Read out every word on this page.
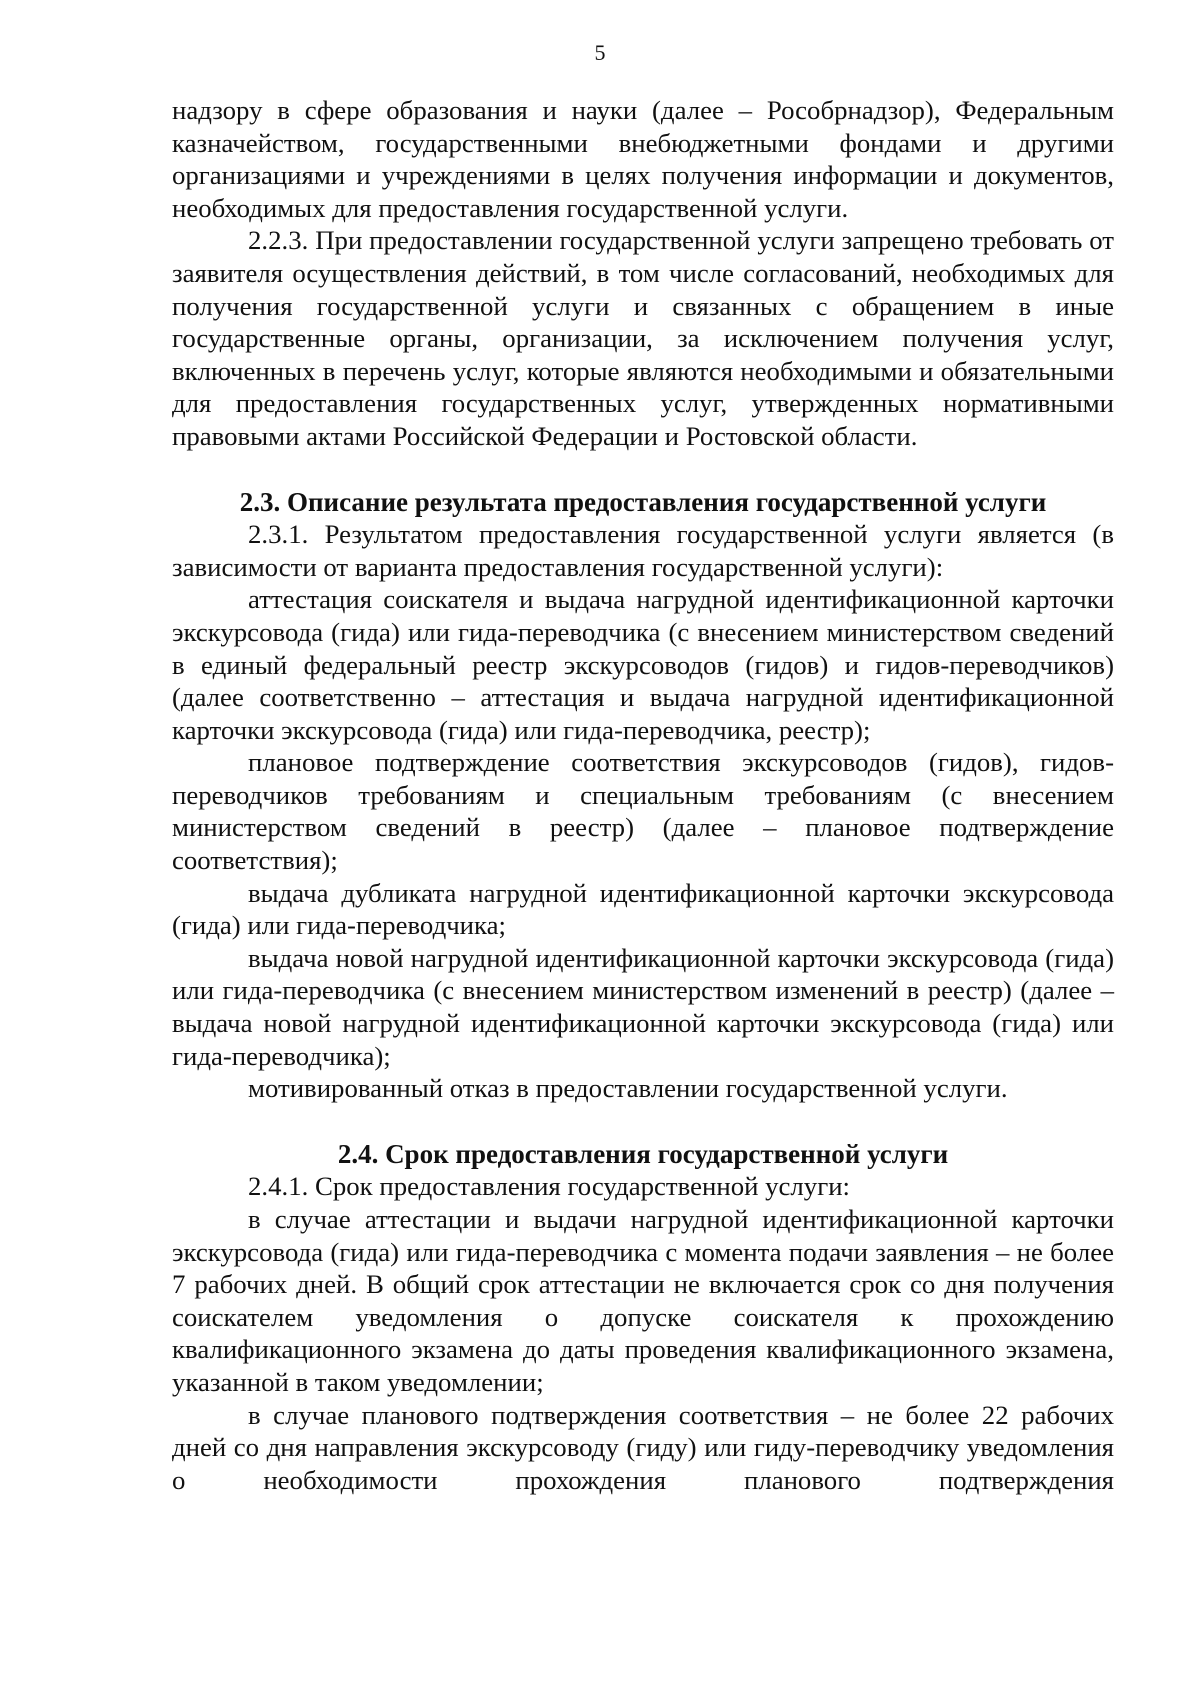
5

надзору в сфере образования и науки (далее – Рособрнадзор), Федеральным казначейством, государственными внебюджетными фондами и другими организациями и учреждениями в целях получения информации и документов, необходимых для предоставления государственной услуги.

2.2.3. При предоставлении государственной услуги запрещено требовать от заявителя осуществления действий, в том числе согласований, необходимых для получения государственной услуги и связанных с обращением в иные государственные органы, организации, за исключением получения услуг, включенных в перечень услуг, которые являются необходимыми и обязательными для предоставления государственных услуг, утвержденных нормативными правовыми актами Российской Федерации и Ростовской области.

2.3. Описание результата предоставления государственной услуги

2.3.1. Результатом предоставления государственной услуги является (в зависимости от варианта предоставления государственной услуги):

аттестация соискателя и выдача нагрудной идентификационной карточки экскурсовода (гида) или гида-переводчика (с внесением министерством сведений в единый федеральный реестр экскурсоводов (гидов) и гидов-переводчиков) (далее соответственно – аттестация и выдача нагрудной идентификационной карточки экскурсовода (гида) или гида-переводчика, реестр);

плановое подтверждение соответствия экскурсоводов (гидов), гидов-переводчиков требованиям и специальным требованиям (с внесением министерством сведений в реестр) (далее – плановое подтверждение соответствия);

выдача дубликата нагрудной идентификационной карточки экскурсовода (гида) или гида-переводчика;

выдача новой нагрудной идентификационной карточки экскурсовода (гида) или гида-переводчика (с внесением министерством изменений в реестр) (далее – выдача новой нагрудной идентификационной карточки экскурсовода (гида) или гида-переводчика);

мотивированный отказ в предоставлении государственной услуги.

2.4. Срок предоставления государственной услуги

2.4.1. Срок предоставления государственной услуги:

в случае аттестации и выдачи нагрудной идентификационной карточки экскурсовода (гида) или гида-переводчика с момента подачи заявления – не более 7 рабочих дней. В общий срок аттестации не включается срок со дня получения соискателем уведомления о допуске соискателя к прохождению квалификационного экзамена до даты проведения квалификационного экзамена, указанной в таком уведомлении;

в случае планового подтверждения соответствия – не более 22 рабочих дней со дня направления экскурсоводу (гиду) или гиду-переводчику уведомления о необходимости прохождения планового подтверждения
